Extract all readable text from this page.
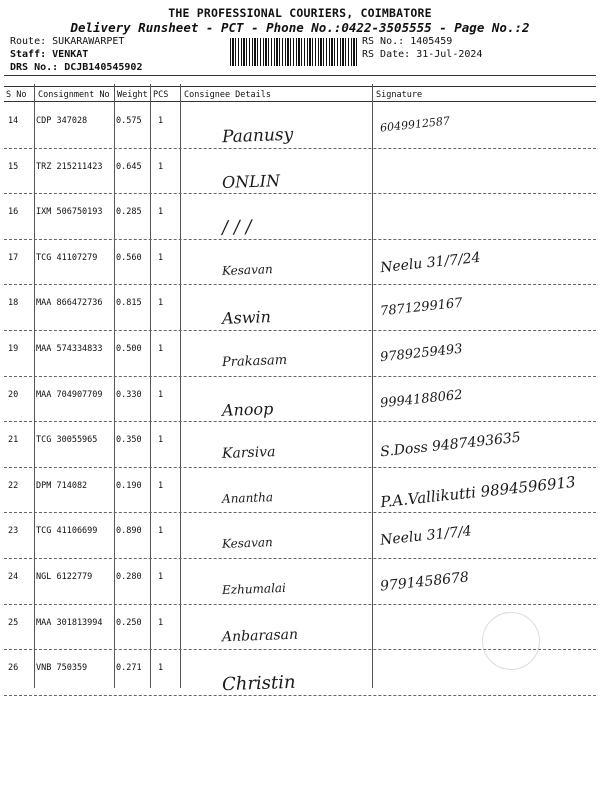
THE PROFESSIONAL COURIERS, COIMBATORE
Delivery Runsheet - PCT - Phone No.:0422-3505555 - Page No.:2
Route: SUKARAWARPET
Staff: VENKAT
DRS No.: DCJB140545902
RS No.: 1405459
RS Date: 31-Jul-2024
S No Consignment No Weight PCS Consignee Details	Signature
14 CDP 347028	0.575 1
Paanusy
6049912587
15 TRZ 215211423 0.645 1
ONLIN
16 IXM 506750193 0.285 1
/ / /
17 TCG 41107279 0.560 1
Kesavan	Neelu 31/7/24
18 MAA 866472736 0.815 1
Aswin	7871299167
19 MAA 574334833 0.500 1
Prakasam	9789259493
20 MAA 704907709 0.330 1
Anoop	9994188062
21 TCG 30055965 0.350 1
Karsiva	S.Doss 9487493635
22 DPM 714082	0.190 1
Anantha	P.A.Vallikutti 9894596913
23 TCG 41106699 0.890 1
Kesavan	Neelu 31/7/4
24 NGL 6122779	0.280 1
Ezhumalai	9791458678
25 MAA 301813994 0.250 1
Anbarasan
26 VNB 750359	0.271 1
Christin
